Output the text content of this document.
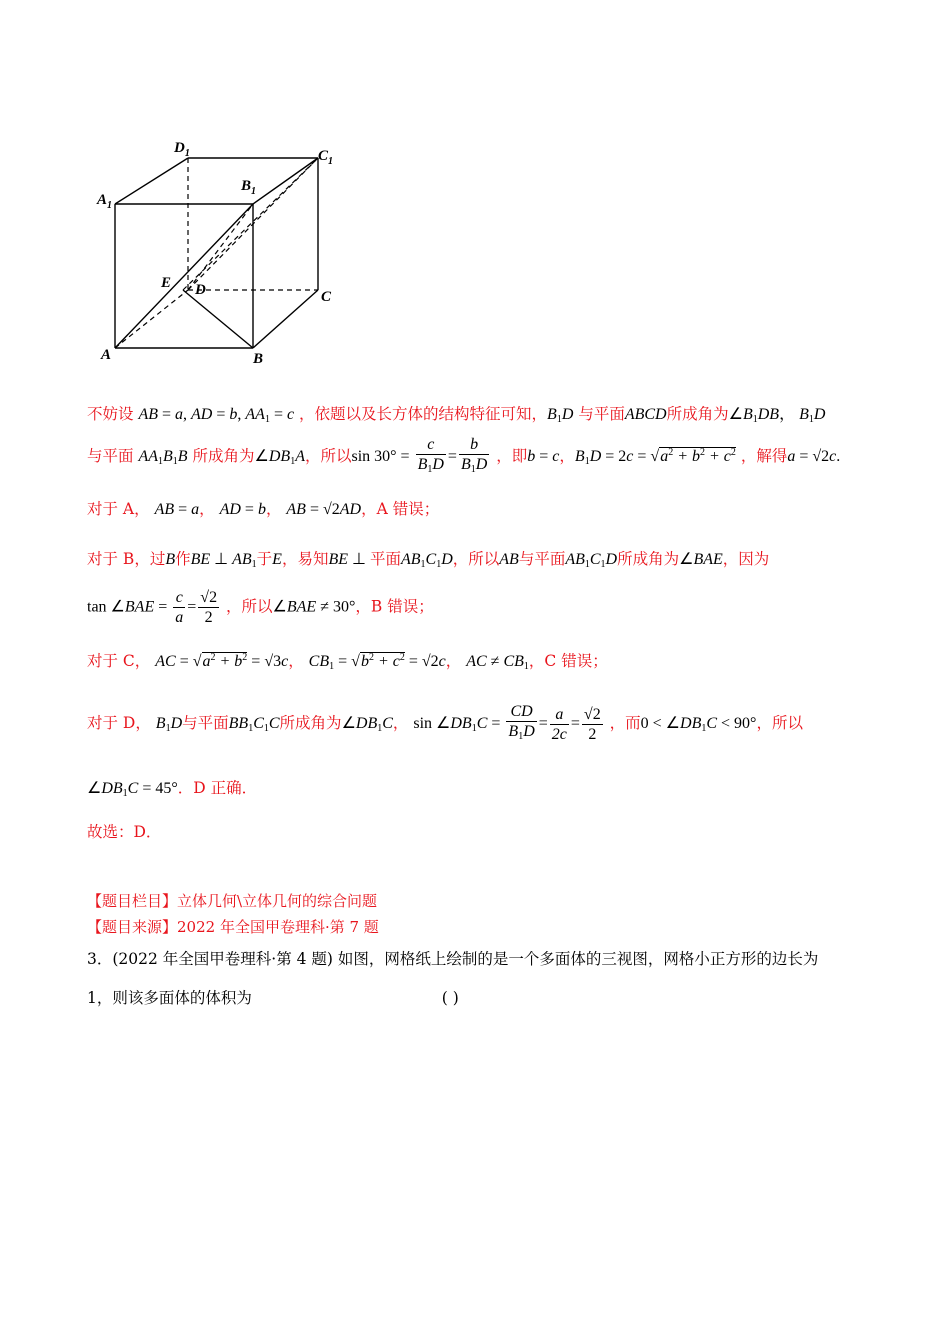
$D_1$	$C_1$
$B_1$
$A_1$
E D	C
A	B
不妨设 AB = a, AD = b, $AA_1 = c$ ，依题以及长方体的结构特征可知，$B_1D$ 与平面ABCD所成角为$\angle B_1DB$， $B_1D$
与平面 $AA_1B_1B$ 所成角为$\angle DB_1A$，所以$\sin 30^\circ = \frac{c}{B_1D} = \frac{b}{B_1D}$ ，即b = c，$B_1D = 2c = √a^2 + b^2 + c^2$ ，解得a = √2c.
对于 A， AB = a， AD = b， AB = √2AD，A 错误；
对于 B，过B作BE ⊥ $AB_1$于E，易知BE ⊥ 平面$AB_1C_1D$，所以AB与平面$AB_1C_1D$所成角为∠BAE，因为
tan ∠BAE = $\frac{c}{a} = \frac{√2}{2}$ ，所以∠BAE ≠ 30°，B 错误；
对于 C， AC = $√a^2 + b^2 = √3c$， $CB_1 = √b^2 + c^2 = √2c$， AC ≠ $CB_1$，C 错误；
对于 D， $B_1D$与平面$BB_1C_1C$所成角为$\angle DB_1C$， $\sin \angle DB_1C = \frac{CD}{B_1D} = \frac{a}{2c} = \frac{√2}{2}$ ，而$0 < \angle DB_1C < 90^\circ$，所以
$\angle DB_1C = 45^\circ$．D 正确．
故选：D．
【题目栏目】立体几何\立体几何的综合问题
【题目来源】2022 年全国甲卷理科·第 7 题
3．(2022 年全国甲卷理科·第 4 题) 如图，网格纸上绘制的是一个多面体的三视图，网格小正方形的边长为
1，则该多面体的体积为	( )
